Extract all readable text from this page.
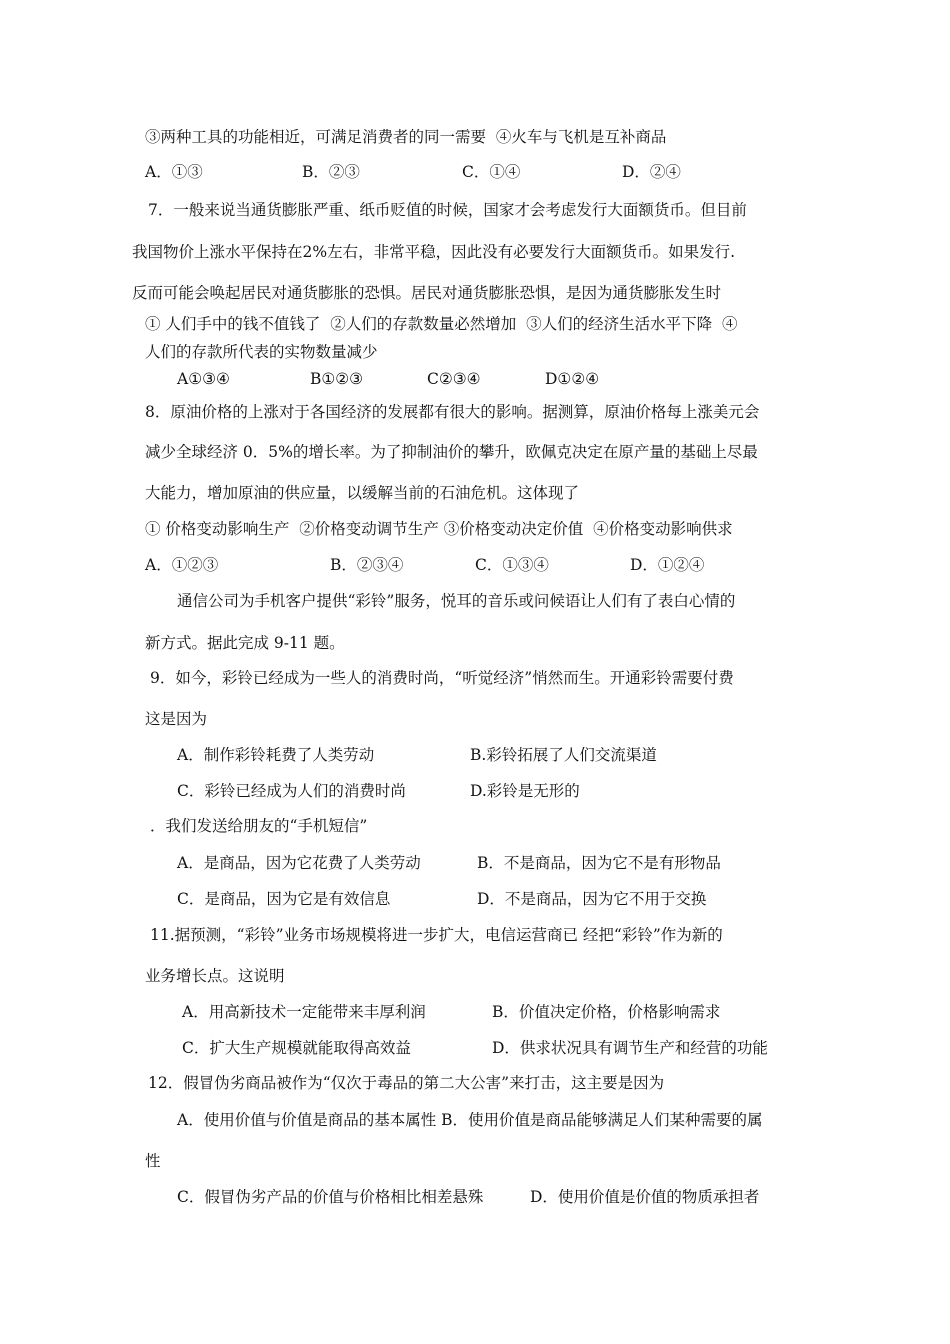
③两种工具的功能相近，可满足消费者的同一需要  ④火车与飞机是互补商品

A．①③

	B．②③

	C．①④

	D．②④

7．一般来说当通货膨胀严重、纸币贬值的时候，国家才会考虑发行大面额货币。但目前
我国物价上涨水平保持在2%左右，非常平稳，因此没有必要发行大面额货币。如果发行.
反而可能会唤起居民对通货膨胀的恐惧。居民对通货膨胀恐惧，是因为通货膨胀发生时
① 人们手中的钱不值钱了  ②人们的存款数量必然增加  ③人们的经济生活水平下降  ④
人们的存款所代表的实物数量减少

A①③④

	B①②③

	C②③④

	D①②④

8．原油价格的上涨对于各国经济的发展都有很大的影响。据测算，原油价格每上涨美元会
减少全球经济 0．5%的增长率。为了抑制油价的攀升，欧佩克决定在原产量的基础上尽最
大能力，增加原油的供应量，以缓解当前的石油危机。这体现了
① 价格变动影响生产  ②价格变动调节生产 ③价格变动决定价值  ④价格变动影响供求

A．①②③

	B．②③④

	C．①③④

	D．①②④

通信公司为手机客户提供“彩铃”服务，悦耳的音乐或问候语让人们有了表白心情的
新方式。据此完成 9-11 题。
9．如今，彩铃已经成为一些人的消费时尚，“听觉经济”悄然而生。开通彩铃需要付费
这是因为
A．制作彩铃耗费了人类劳动	B.彩铃拓展了人们交流渠道
C．彩铃已经成为人们的消费时尚	D.彩铃是无形的
．我们发送给朋友的“手机短信”
A．是商品，因为它花费了人类劳动	B．不是商品，因为它不是有形物品
C．是商品，因为它是有效信息	D．不是商品，因为它不用于交换
11.据预测，“彩铃”业务市场规模将进一步扩大，电信运营商已 经把“彩铃”作为新的
业务增长点。这说明
A．用高新技术一定能带来丰厚利润	B．价值决定价格，价格影响需求
C．扩大生产规模就能取得高效益	D．供求状况具有调节生产和经营的功能
12．假冒伪劣商品被作为“仅次于毒品的第二大公害”来打击，这主要是因为
A．使用价值与价值是商品的基本属性 B．使用价值是商品能够满足人们某种需要的属
性
C．假冒伪劣产品的价值与价格相比相差悬殊	D．使用价值是价值的物质承担者
